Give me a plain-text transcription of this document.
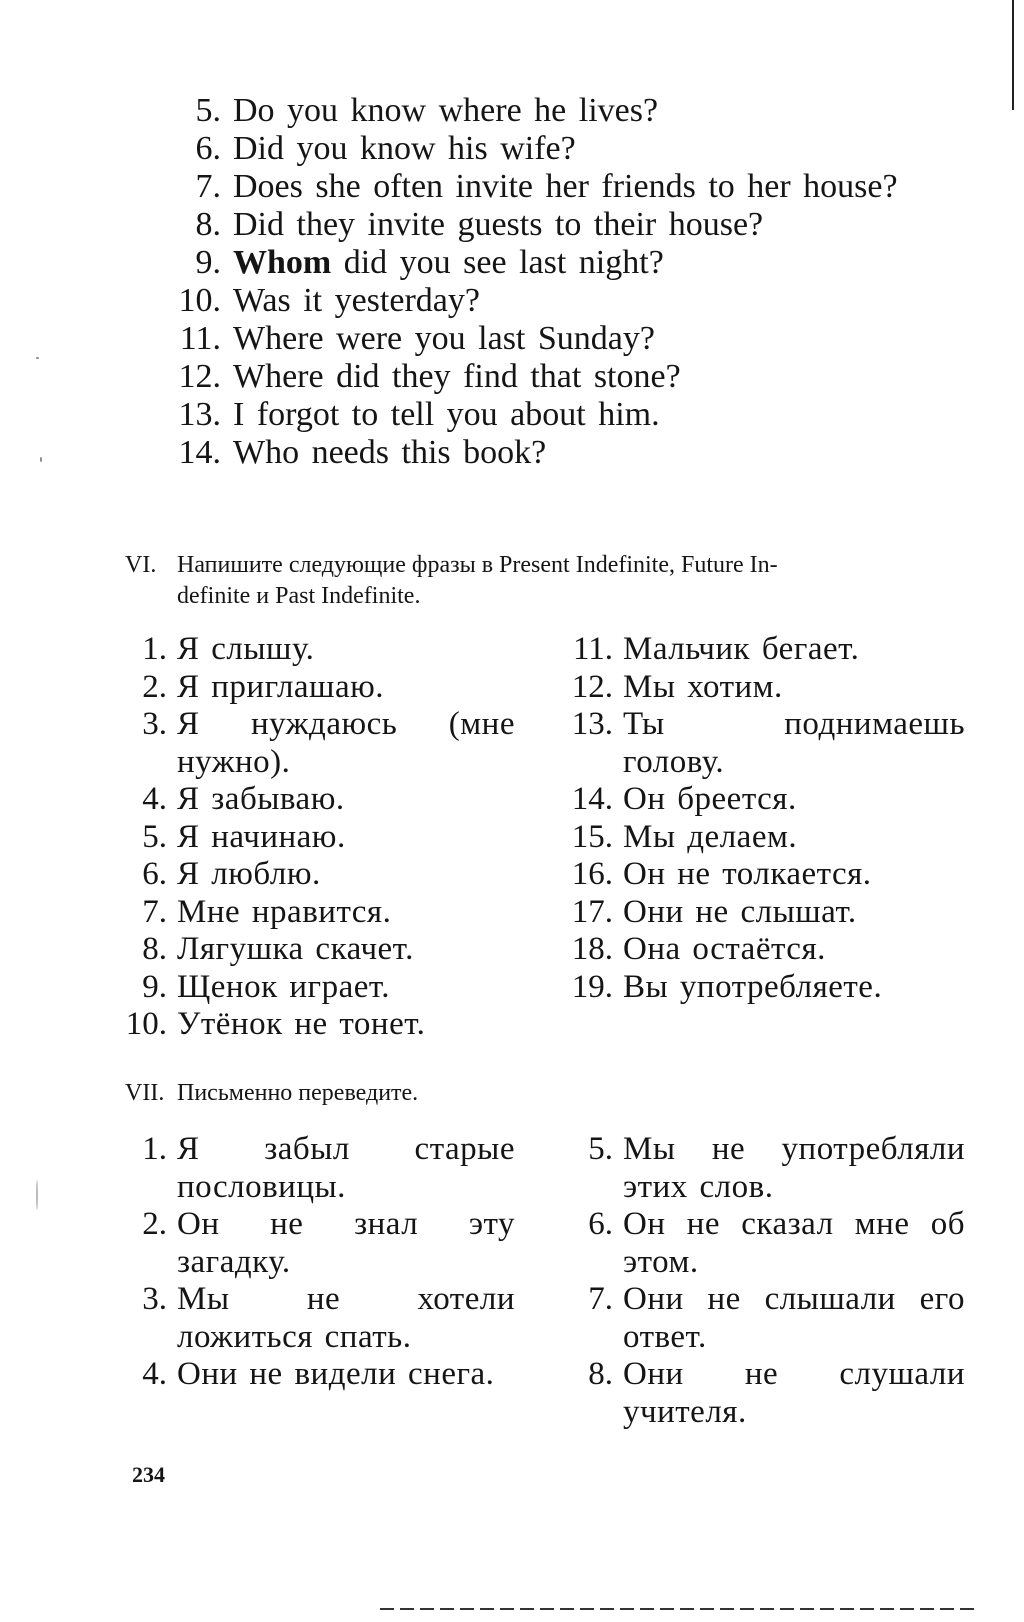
5. Do you know where he lives?
6. Did you know his wife?
7. Does she often invite her friends to her house?
8. Did they invite guests to their house?
9. Whom did you see last night?
10. Was it yesterday?
11. Where were you last Sunday?
12. Where did they find that stone?
13. I forgot to tell you about him.
14. Who needs this book?
VI. Напишите следующие фразы в Present Indefinite, Future In-
definite и Past Indefinite.
1. Я слышу.
2. Я приглашаю.
3. Я нуждаюсь (мне нужно).
4. Я забываю.
5. Я начинаю.
6. Я люблю.
7. Мне нравится.
8. Лягушка скачет.
9. Щенок играет.
10. Утёнок не тонет.
11. Мальчик бегает.
12. Мы хотим.
13. Ты поднимаешь голову.
14. Он бреется.
15. Мы делаем.
16. Он не толкается.
17. Они не слышат.
18. Она остаётся.
19. Вы употребляете.
VII. Письменно переведите.
1. Я забыл старые пословицы.
2. Он не знал эту загадку.
3. Мы не хотели ложиться спать.
4. Они не видели снега.
5. Мы не употребляли этих слов.
6. Он не сказал мне об этом.
7. Они не слышали его ответ.
8. Они не слушали учителя.
234
